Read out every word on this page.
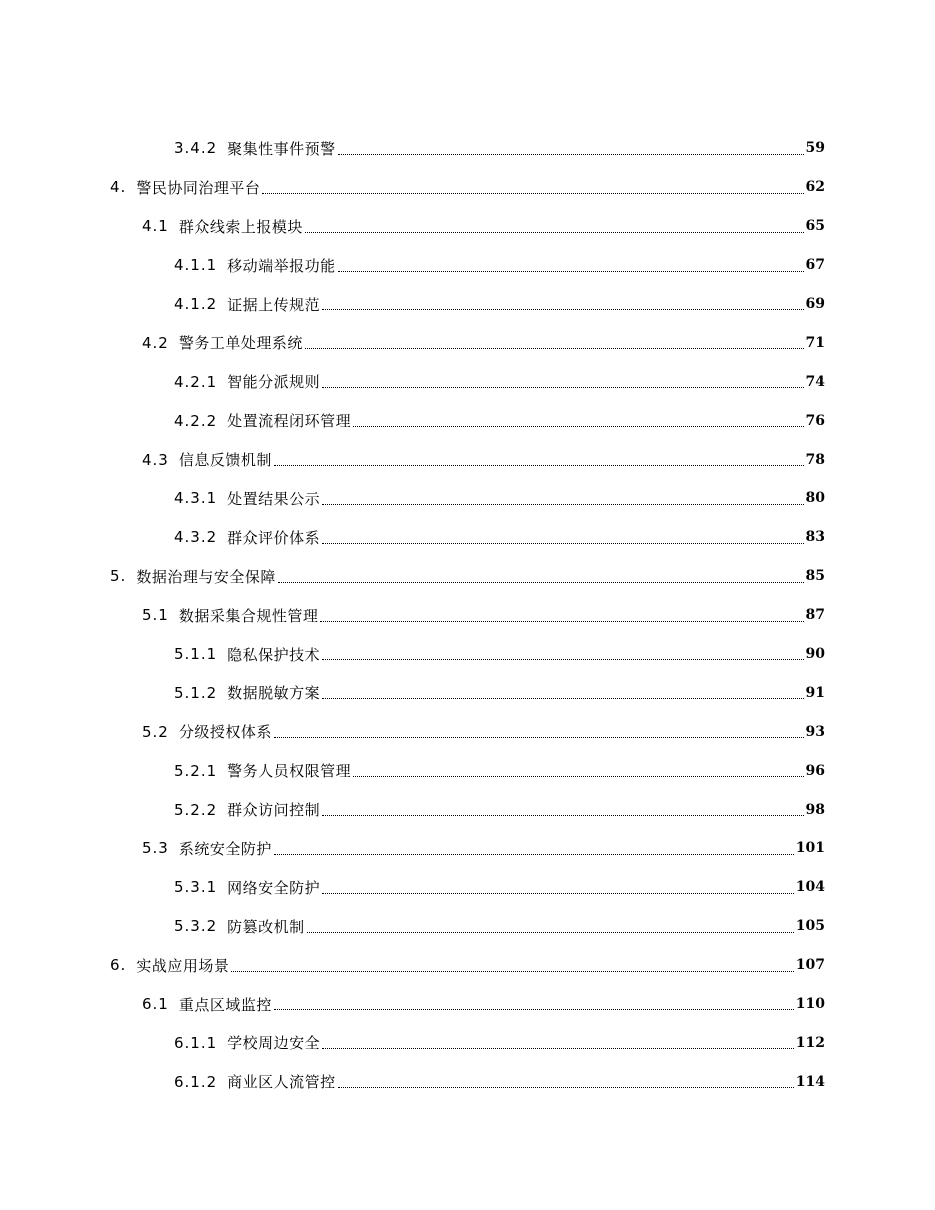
3.4.2 聚集性事件预警	59
4. 警民协同治理平台	62
4.1 群众线索上报模块	65
4.1.1 移动端举报功能	67
4.1.2 证据上传规范	69
4.2 警务工单处理系统	71
4.2.1 智能分派规则	74
4.2.2 处置流程闭环管理	76
4.3 信息反馈机制	78
4.3.1 处置结果公示	80
4.3.2 群众评价体系	83
5. 数据治理与安全保障	85
5.1 数据采集合规性管理	87
5.1.1 隐私保护技术	90
5.1.2 数据脱敏方案	91
5.2 分级授权体系	93
5.2.1 警务人员权限管理	96
5.2.2 群众访问控制	98
5.3 系统安全防护	101
5.3.1 网络安全防护	104
5.3.2 防篡改机制	105
6. 实战应用场景	107
6.1 重点区域监控	110
6.1.1 学校周边安全	112
6.1.2 商业区人流管控	114
